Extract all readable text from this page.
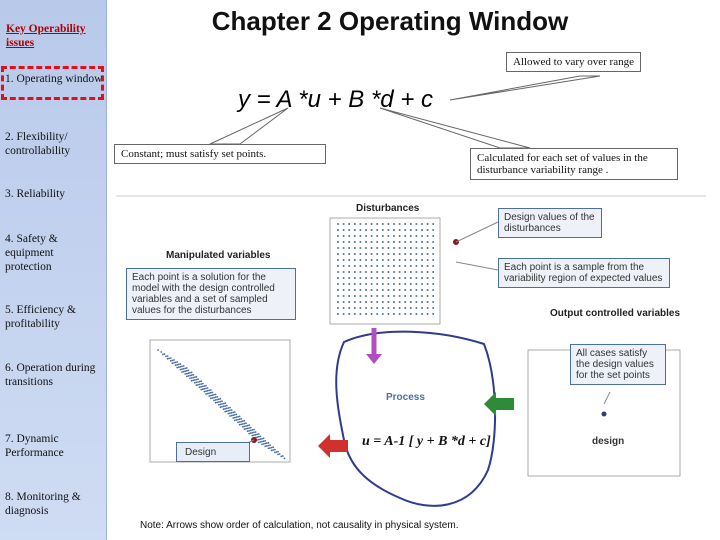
Key Operability issues
1. Operating window
2. Flexibility/ controllability
3. Reliability
4. Safety & equipment protection
5. Efficiency & profitability
6. Operation during transitions
7. Dynamic Performance
8. Monitoring & diagnosis
Chapter 2 Operating Window
Allowed to vary over range
Constant; must satisfy set points.	Calculated for each set of values in the disturbance variability range .
y = A *u + B *d + c
Disturbances
Design values of the disturbances
Each point is a sample from the variability region of expected values
Manipulated variables
Each point is a solution for the model with the design controlled variables and a set of sampled values for the disturbances	Output controlled variables
All cases satisfy the design values for the set points
Design
design
Process
u = A-1 [ y + B *d + c]
Note: Arrows show order of calculation, not causality in physical system.
